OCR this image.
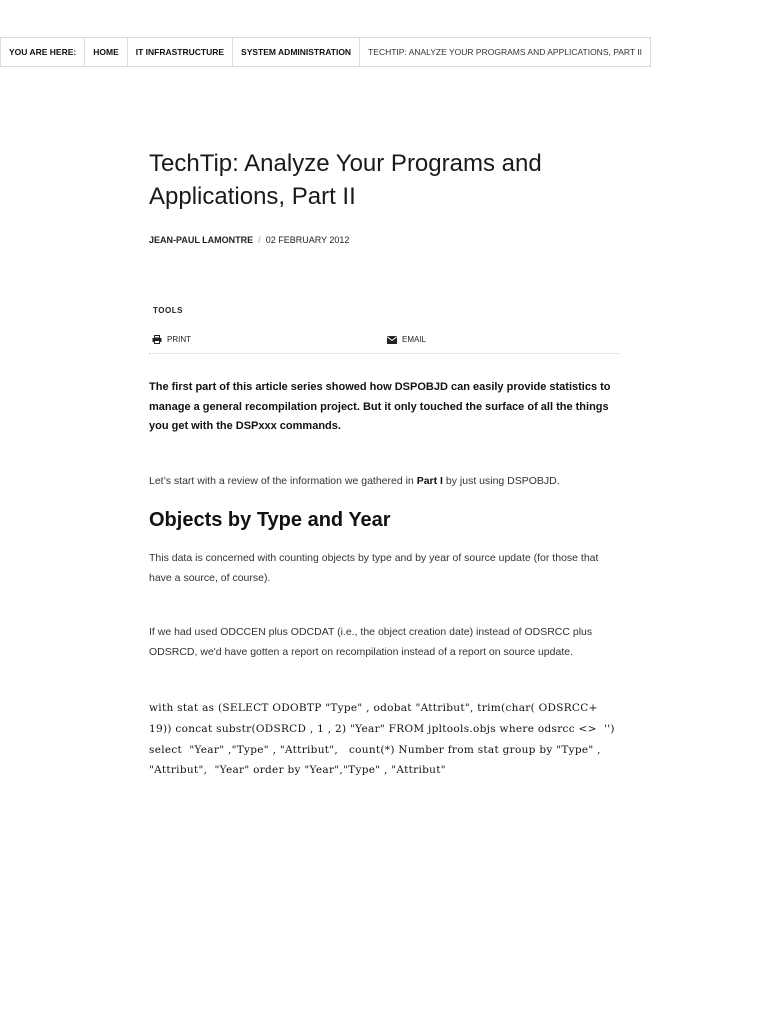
YOU ARE HERE:	HOME	IT INFRASTRUCTURE	SYSTEM ADMINISTRATION	TECHTIP: ANALYZE YOUR PROGRAMS AND APPLICATIONS, PART II
TechTip: Analyze Your Programs and Applications, Part II
JEAN-PAUL LAMONTRE / 02 FEBRUARY 2012
TOOLS
PRINT	EMAIL

The first part of this article series showed how DSPOBJD can easily provide statistics to manage a general recompilation project. But it only touched the surface of all the things you get with the DSPxxx commands.

Let’s start with a review of the information we gathered in Part I by just using DSPOBJD.

Objects by Type and Year

This data is concerned with counting objects by type and by year of source update (for those that have a source, of course).

If we had used ODCCEN plus ODCDAT (i.e., the object creation date) instead of ODSRCC plus ODSRCD, we'd have gotten a report on recompilation instead of a report on source update.

with stat as (SELECT ODOBTP "Type" , odobat "Attribut", trim(char( ODSRCC+ 19)) concat substr(ODSRCD , 1 , 2) "Year" FROM jpltools.objs where odsrcc <>  '') select  "Year" ,"Type" , "Attribut",   count(*) Number from stat group by "Type" , "Attribut",  "Year" order by "Year","Type" , "Attribut"
